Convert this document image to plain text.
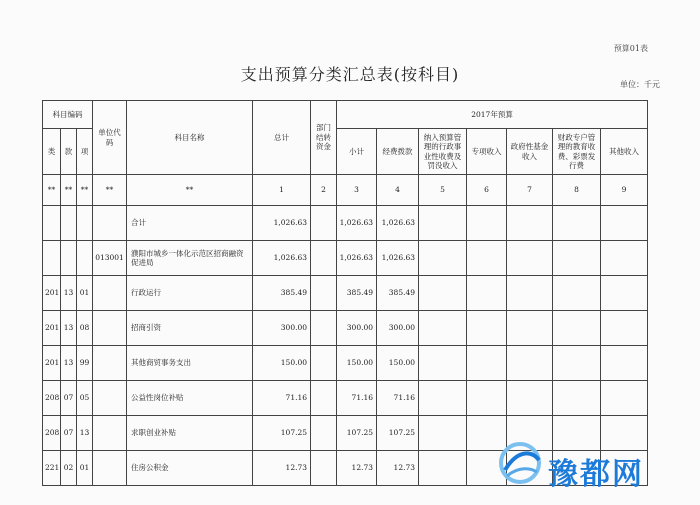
预算01表
支出预算分类汇总表(按科目)
单位：千元
科目编码			单位代码	科目名称	总计	部门结转资金	2017年预算						
类	款	项					小计	经费拨款	纳入预算管理的行政事业性收费及罚没收入	专项收入	政府性基金收入	财政专户管理的教育收费、彩票发行费	其他收入
**	**	**	**	**	1	2	3	4	5	6	7	8	9
				合计	1,026.63		1,026.63	1,026.63					
			013001	濮阳市城乡一体化示范区招商融资促进局	1,026.63		1,026.63	1,026.63					
201	13	01		行政运行	385.49		385.49	385.49					
201	13	08		招商引资	300.00		300.00	300.00					
201	13	99		其他商贸事务支出	150.00		150.00	150.00					
208	07	05		公益性岗位补贴	71.16		71.16	71.16					
208	07	13		求职创业补贴	107.25		107.25	107.25					
221	02	01		住房公积金	12.73		12.73	12.73						豫都网
